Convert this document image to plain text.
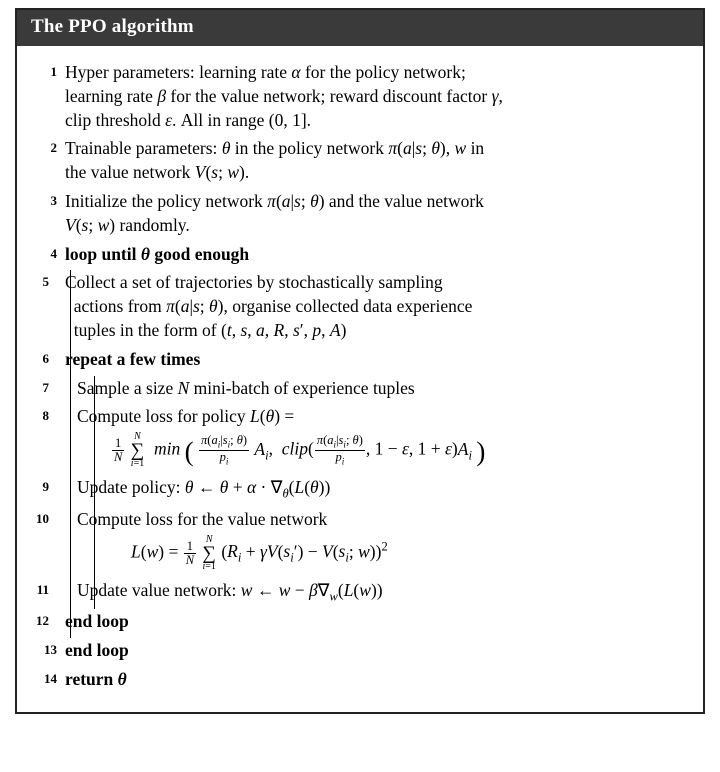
The PPO algorithm
1 Hyper parameters: learning rate α for the policy network;
learning rate β for the value network; reward discount factor γ,
clip threshold ε. All in range (0, 1].
2 Trainable parameters: θ in the policy network π(a|s; θ), w in
the value network V(s; w).
3 Initialize the policy network π(a|s; θ) and the value network
V(s; w) randomly.
4 loop until θ good enough
5 Collect a set of trajectories by stochastically sampling
actions from π(a|s; θ), organise collected data experience
tuples in the form of (t, s, a, R, s′, p, A)
6 repeat a few times
7	Sample a size N mini-batch of experience tuples
8	Compute loss for policy L(θ) =
$\frac{1}{N}$

N
∑
i=1
min ( $\frac{\pi(a_i|s_i; \theta)}{p_i} A_i$,  clip( $\frac{\pi(a_i|s_i; \theta)}{p_i}$ , 1 − ε, $1 + \varepsilon)A_i$ )
9	Update policy: θ ← $\theta + \alpha \cdot \nabla_\theta(L(\theta))$
10	Compute loss for the value network
$L(w) = \frac{1}{N}$

N
∑
i=1
($R_i + \gamma V(s_i') - V(s_i$; w))$^2$
11	Update value network: w ← $w - \beta\nabla_w(L(w))$
12 end loop
13 end loop
14 return θ
